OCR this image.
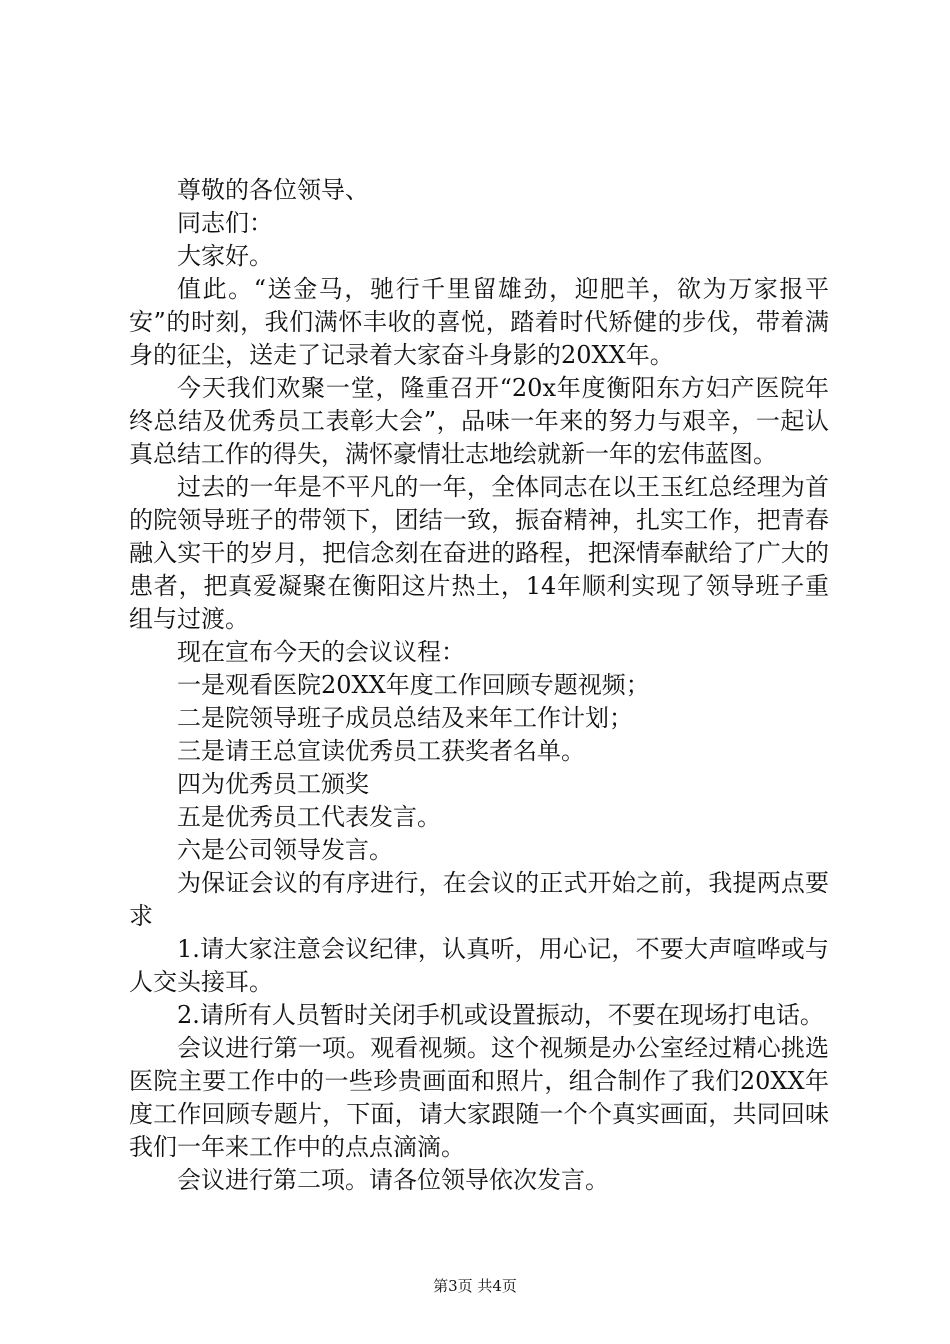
尊敬的各位领导、

同志们：

大家好。

值此。“送金马，驰行千里留雄劲，迎肥羊，欲为万家报平安”的时刻，我们满怀丰收的喜悦，踏着时代矫健的步伐，带着满身的征尘，送走了记录着大家奋斗身影的20XX年。

今天我们欢聚一堂，隆重召开“20x年度衡阳东方妇产医院年终总结及优秀员工表彰大会”，品味一年来的努力与艰辛，一起认真总结工作的得失，满怀豪情壮志地绘就新一年的宏伟蓝图。

过去的一年是不平凡的一年，全体同志在以王玉红总经理为首的院领导班子的带领下，团结一致，振奋精神，扎实工作，把青春融入实干的岁月，把信念刻在奋进的路程，把深情奉献给了广大的患者，把真爱凝聚在衡阳这片热土，14年顺利实现了领导班子重组与过渡。

现在宣布今天的会议议程：

一是观看医院20XX年度工作回顾专题视频；

二是院领导班子成员总结及来年工作计划；

三是请王总宣读优秀员工获奖者名单。

四为优秀员工颁奖

五是优秀员工代表发言。

六是公司领导发言。

为保证会议的有序进行，在会议的正式开始之前，我提两点要求

1.请大家注意会议纪律，认真听，用心记，不要大声喧哗或与人交头接耳。

2.请所有人员暂时关闭手机或设置振动，不要在现场打电话。

会议进行第一项。观看视频。这个视频是办公室经过精心挑选医院主要工作中的一些珍贵画面和照片，组合制作了我们20XX年度工作回顾专题片，下面，请大家跟随一个个真实画面，共同回味我们一年来工作中的点点滴滴。

会议进行第二项。请各位领导依次发言。

第3页 共4页
